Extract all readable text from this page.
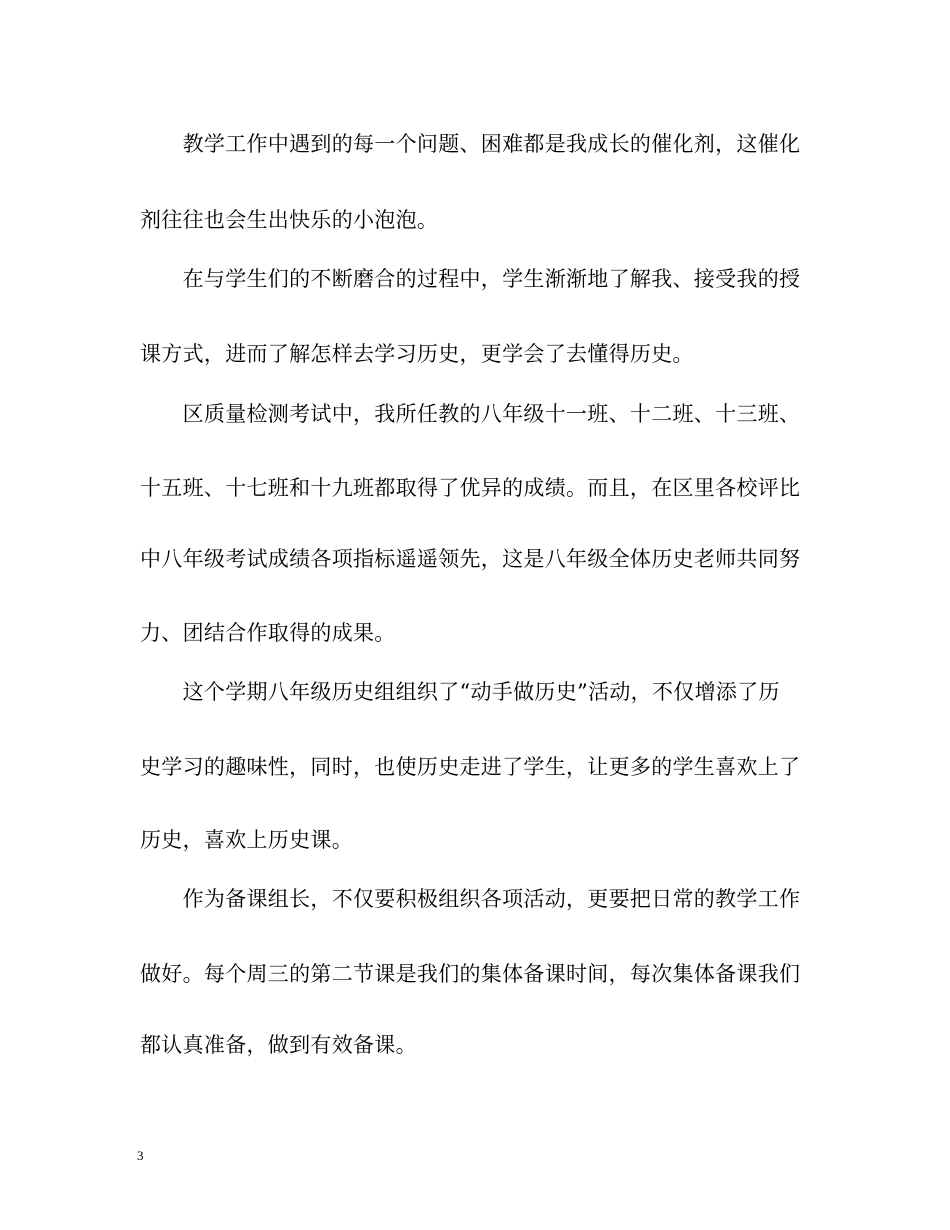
　　教学工作中遇到的每一个问题、困难都是我成长的催化剂，这催化
剂往往也会生出快乐的小泡泡。
　　在与学生们的不断磨合的过程中，学生渐渐地了解我、接受我的授
课方式，进而了解怎样去学习历史，更学会了去懂得历史。
　　区质量检测考试中，我所任教的八年级十一班、十二班、十三班、
十五班、十七班和十九班都取得了优异的成绩。而且，在区里各校评比
中八年级考试成绩各项指标遥遥领先，这是八年级全体历史老师共同努
力、团结合作取得的成果。
　　这个学期八年级历史组组织了“动手做历史”活动，不仅增添了历
史学习的趣味性，同时，也使历史走进了学生，让更多的学生喜欢上了
历史，喜欢上历史课。
　　作为备课组长，不仅要积极组织各项活动，更要把日常的教学工作
做好。每个周三的第二节课是我们的集体备课时间，每次集体备课我们
都认真准备，做到有效备课。
3
